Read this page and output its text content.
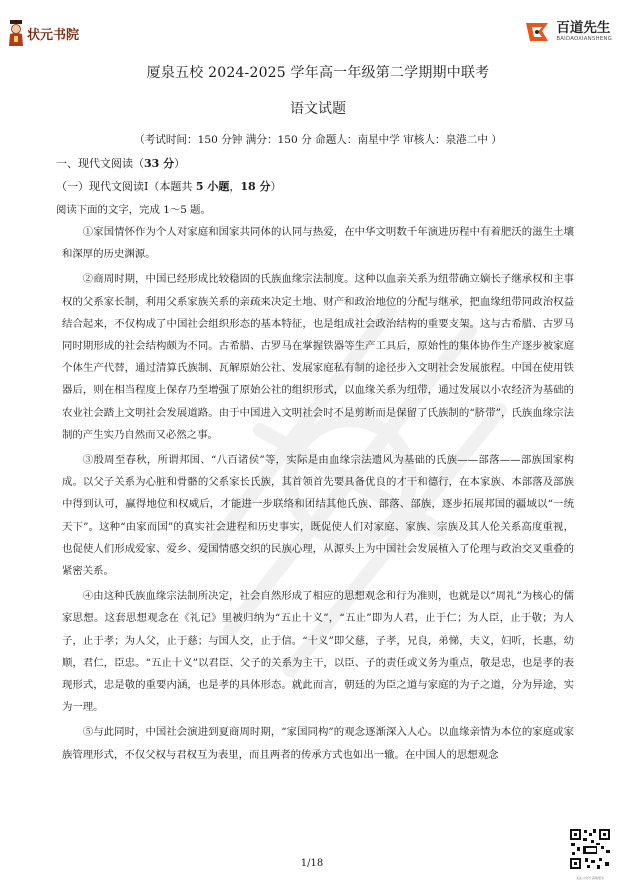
状元书院	百道先生
BAIDAOXIANSHENG
厦泉五校 2024-2025 学年高一年级第二学期期中联考
语文试题
（考试时间：150 分钟 满分：150 分 命题人：南星中学 审核人：泉港二中 ）
一、现代文阅读（33 分）
（一）现代文阅读Ⅰ（本题共 5 小题，18 分）
阅读下面的文字，完成 1～5 题。

①家国情怀作为个人对家庭和国家共同体的认同与热爱，在中华文明数千年演进历程中有着肥沃的滋生土壤和深厚的历史渊源。

②商周时期，中国已经形成比较稳固的氏族血缘宗法制度。这种以血亲关系为纽带确立嫡长子继承权和主事权的父系家长制，利用父系家族关系的亲疏来决定土地、财产和政治地位的分配与继承，把血缘纽带同政治权益结合起来，不仅构成了中国社会组织形态的基本特征，也是组成社会政治结构的重要支架。这与古希腊、古罗马同时期形成的社会结构颇为不同。古希腊、古罗马在掌握铁器等生产工具后，原始性的集体协作生产逐步被家庭个体生产代替，通过清算氏族制、瓦解原始公社、发展家庭私有制的途径步入文明社会发展旅程。中国在使用铁器后，则在相当程度上保存乃至增强了原始公社的组织形式，以血缘关系为纽带，通过发展以小农经济为基础的农业社会踏上文明社会发展道路。由于中国进入文明社会时不是剪断而是保留了氏族制的“脐带”，氏族血缘宗法制的产生实乃自然而又必然之事。

③殷周至春秋，所谓邦国、“八百诸侯”等，实际是由血缘宗法遗风为基础的氏族——部落——部族国家构成。以父子关系为心脏和骨骼的父系家长氏族，其首领首先要具备优良的才干和德行，在本家族、本部落及部族中得到认可，赢得地位和权威后，才能进一步联络和团结其他氏族、部落、部族，逐步拓展邦国的疆域以“一统天下”。这种“由家而国”的真实社会进程和历史事实，既促使人们对家庭、家族、宗族及其人伦关系高度重视，也促使人们形成爱家、爱乡、爱国情感交织的民族心理，从源头上为中国社会发展植入了伦理与政治交叉重叠的紧密关系。

④由这种氏族血缘宗法制所决定，社会自然形成了相应的思想观念和行为准则，也就是以“周礼”为核心的儒家思想。这套思想观念在《礼记》里被归纳为“五止十义”，“五止”即为人君，止于仁；为人臣，止于敬；为人子，止于孝；为人父，止于慈；与国人交，止于信。“十义”即父慈，子孝，兄良，弟悌，夫义，妇听，长惠，幼顺，君仁，臣忠。“五止十义”以君臣、父子的关系为主干，以臣、子的责任或义务为重点，敬是忠，也是孝的表现形式，忠是敬的重要内涵，也是孝的具体形态。就此而言，朝廷的为臣之道与家庭的为子之道，分为异途，实为一理。

⑤与此同时，中国社会演进到夏商周时期，“家国同构”的观念逐渐深入人心。以血缘亲情为本位的家庭或家族管理形式，不仅父权与君权互为表里，而且两者的传承方式也如出一辙。在中国人的思想观念

关注公众号 获取更多
1/18
